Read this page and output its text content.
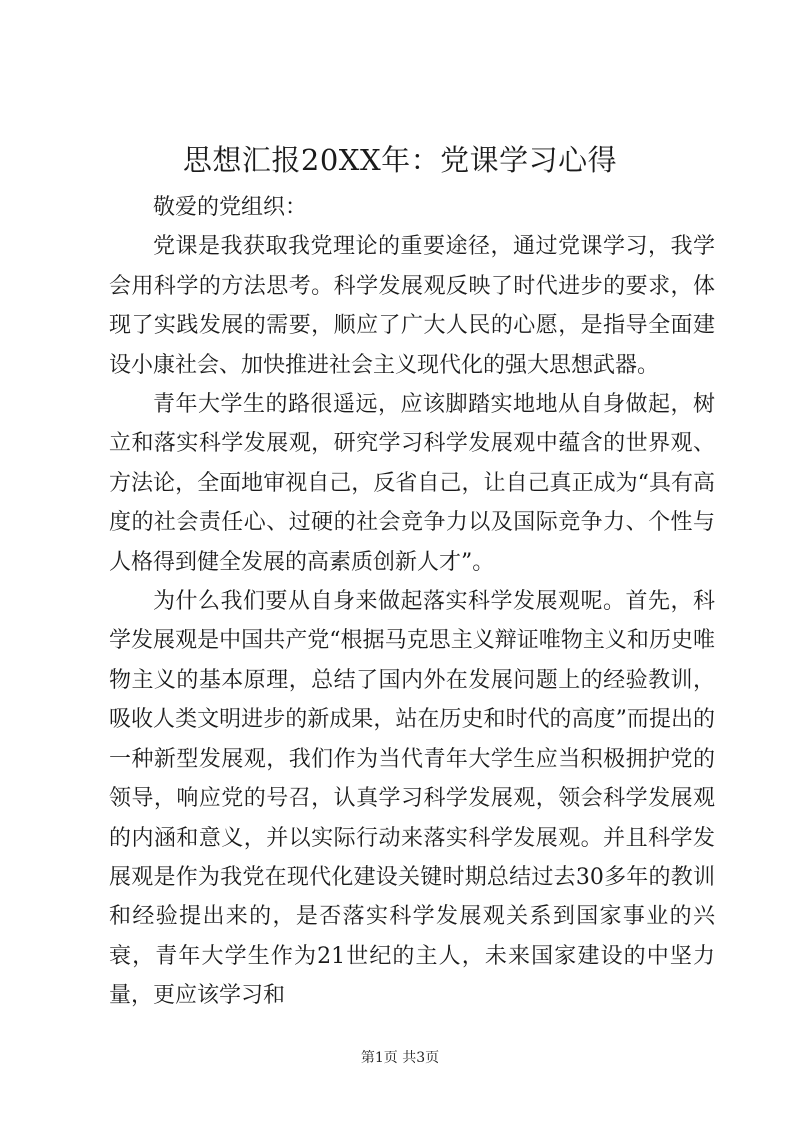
思想汇报20XX年：党课学习心得

敬爱的党组织：

党课是我获取我党理论的重要途径，通过党课学习，我学会用科学的方法思考。科学发展观反映了时代进步的要求，体现了实践发展的需要，顺应了广大人民的心愿，是指导全面建设小康社会、加快推进社会主义现代化的强大思想武器。

青年大学生的路很遥远，应该脚踏实地地从自身做起，树立和落实科学发展观，研究学习科学发展观中蕴含的世界观、方法论，全面地审视自己，反省自己，让自己真正成为“具有高度的社会责任心、过硬的社会竞争力以及国际竞争力、个性与人格得到健全发展的高素质创新人才”。

为什么我们要从自身来做起落实科学发展观呢。首先，科学发展观是中国共产党“根据马克思主义辩证唯物主义和历史唯物主义的基本原理，总结了国内外在发展问题上的经验教训，吸收人类文明进步的新成果，站在历史和时代的高度”而提出的一种新型发展观，我们作为当代青年大学生应当积极拥护党的领导，响应党的号召，认真学习科学发展观，领会科学发展观的内涵和意义，并以实际行动来落实科学发展观。并且科学发展观是作为我党在现代化建设关键时期总结过去30多年的教训和经验提出来的，是否落实科学发展观关系到国家事业的兴衰，青年大学生作为21世纪的主人，未来国家建设的中坚力量，更应该学习和

第1页 共3页
